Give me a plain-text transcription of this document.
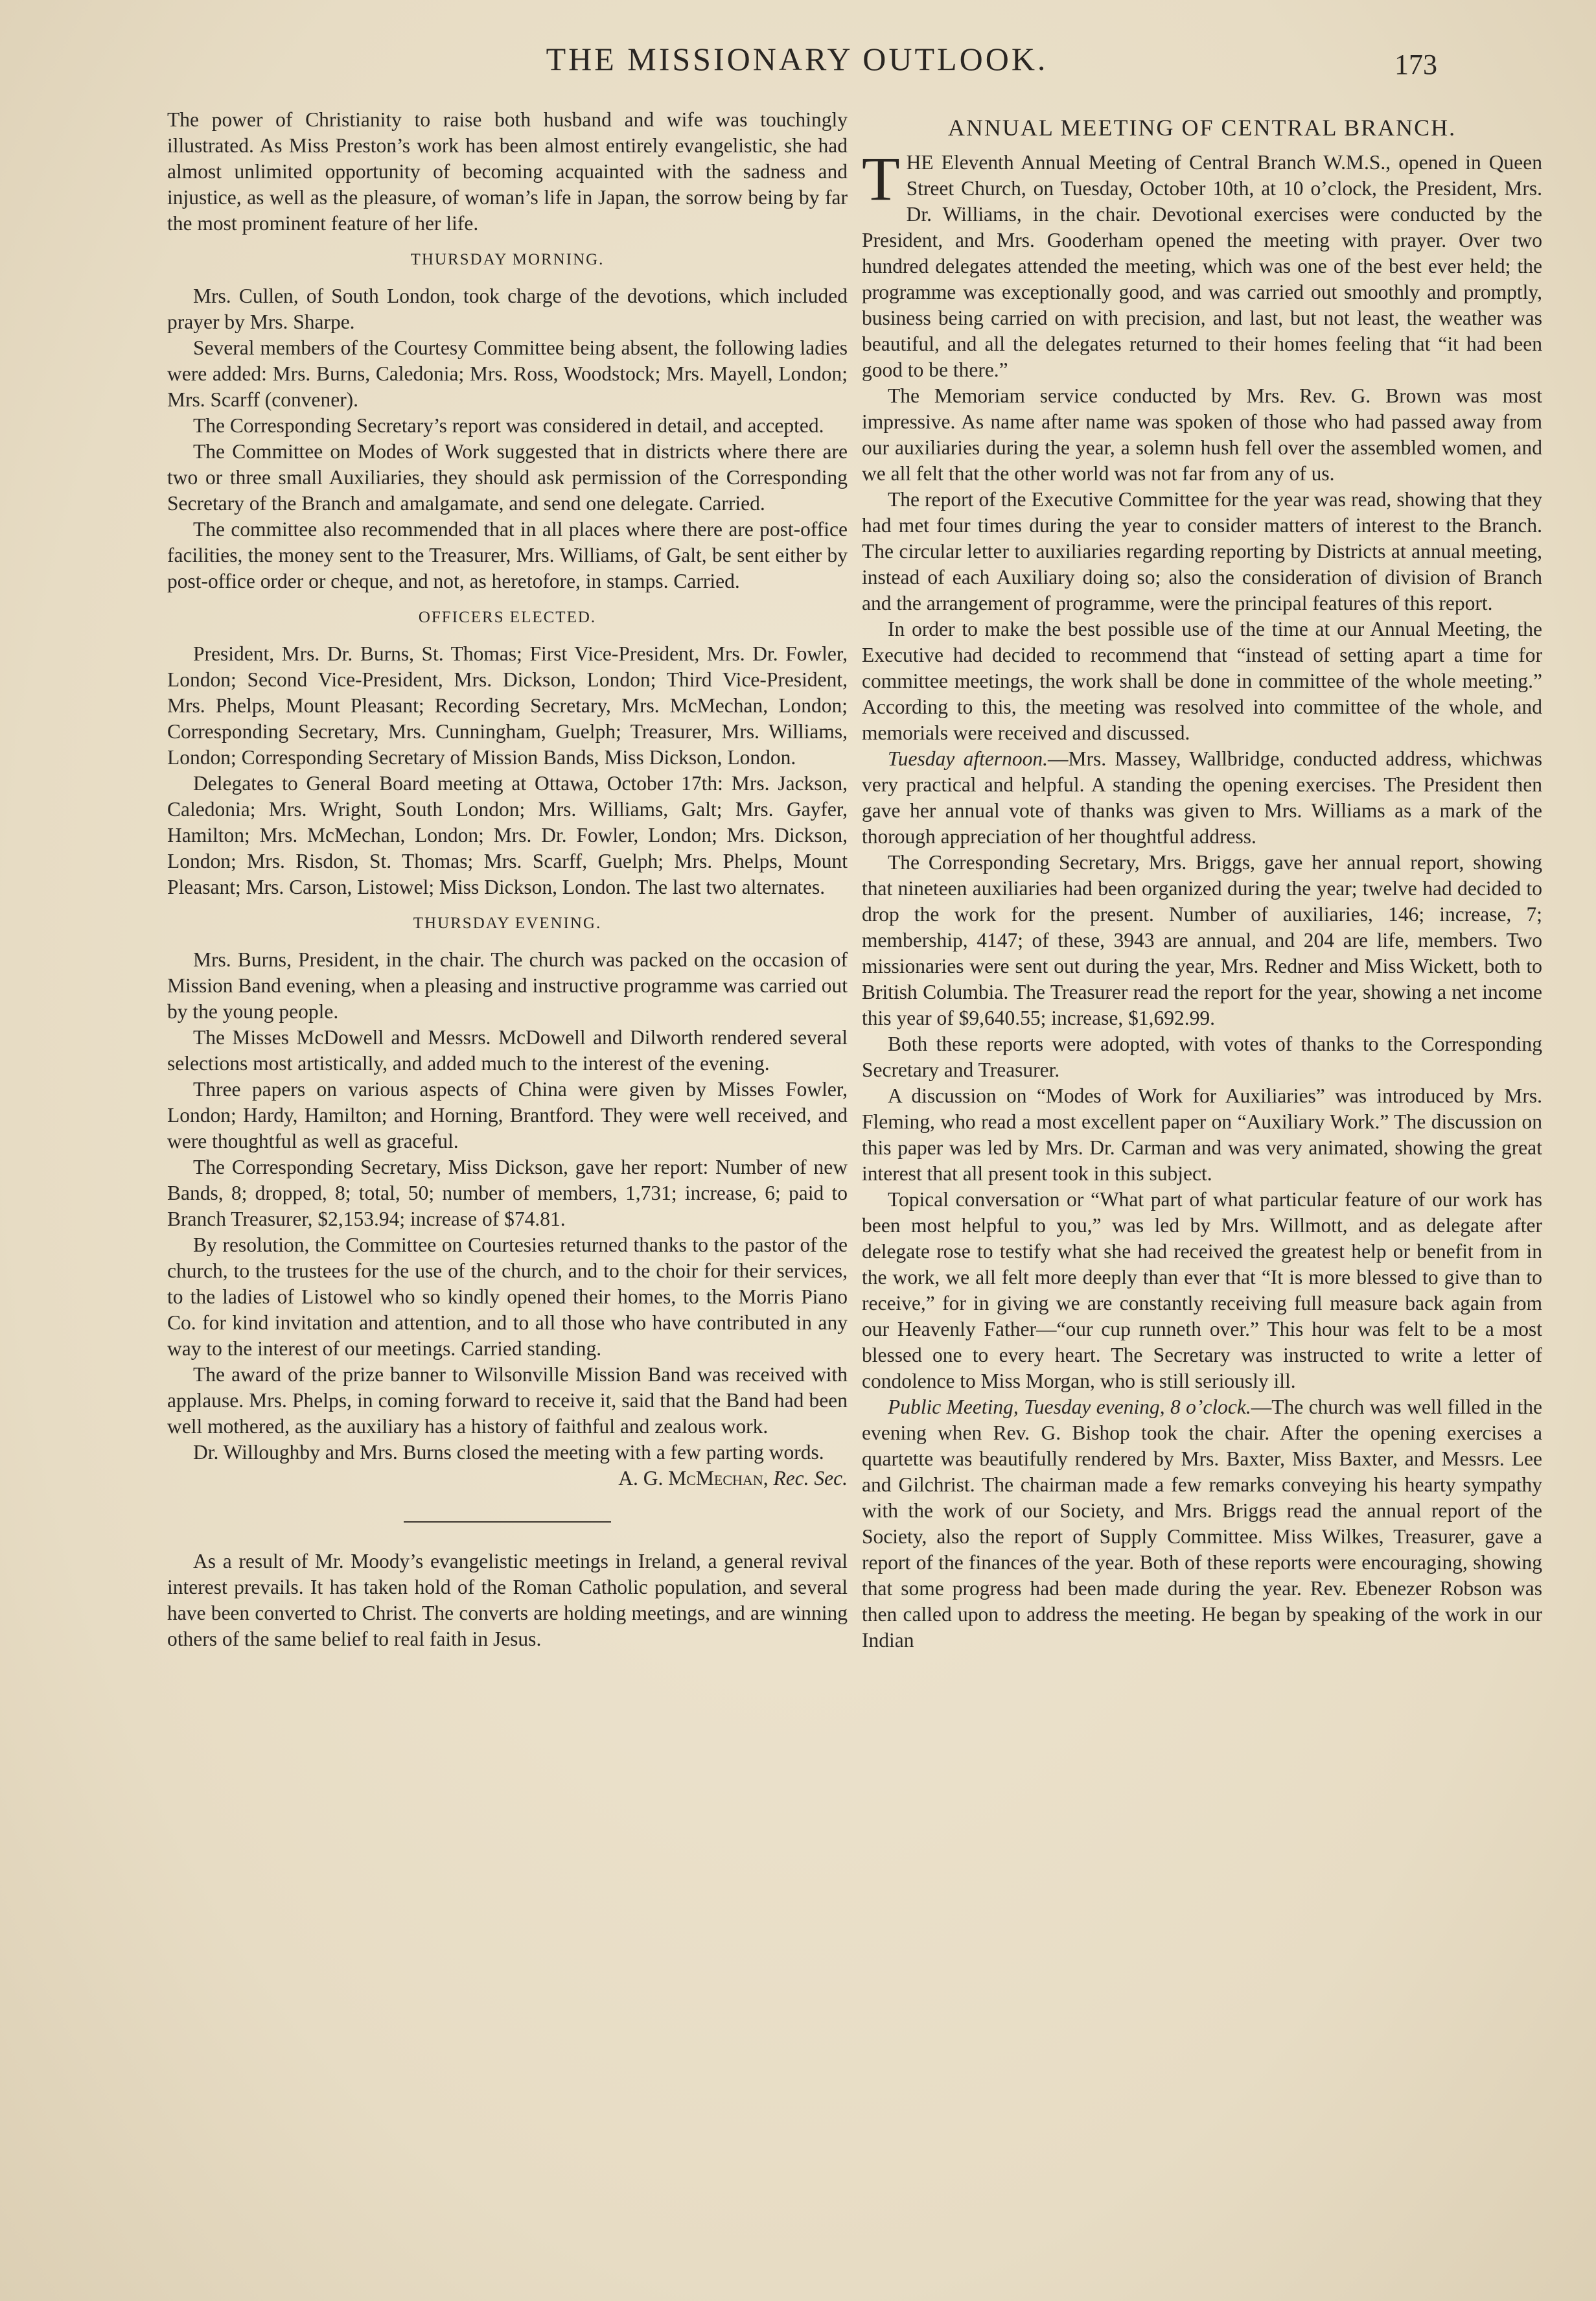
THE MISSIONARY OUTLOOK.	173

The power of Christianity to raise both husband and wife was touchingly illustrated. As Miss Preston’s work has been almost entirely evangelistic, she had almost unlimited opportunity of becoming acquainted with the sadness and injustice, as well as the pleasure, of woman’s life in Japan, the sorrow being by far the most prominent feature of her life.

THURSDAY MORNING.

Mrs. Cullen, of South London, took charge of the devotions, which included prayer by Mrs. Sharpe.

Several members of the Courtesy Committee being absent, the following ladies were added: Mrs. Burns, Caledonia; Mrs. Ross, Woodstock; Mrs. Mayell, London; Mrs. Scarff (convener).

The Corresponding Secretary’s report was considered in detail, and accepted.

The Committee on Modes of Work suggested that in districts where there are two or three small Auxiliaries, they should ask permission of the Corresponding Secretary of the Branch and amalgamate, and send one delegate. Carried.

The committee also recommended that in all places where there are post-office facilities, the money sent to the Treasurer, Mrs. Williams, of Galt, be sent either by post-office order or cheque, and not, as heretofore, in stamps. Carried.

OFFICERS ELECTED.

President, Mrs. Dr. Burns, St. Thomas; First Vice-President, Mrs. Dr. Fowler, London; Second Vice-President, Mrs. Dickson, London; Third Vice-President, Mrs. Phelps, Mount Pleasant; Recording Secretary, Mrs. McMechan, London; Corresponding Secretary, Mrs. Cunningham, Guelph; Treasurer, Mrs. Williams, London; Corresponding Secretary of Mission Bands, Miss Dickson, London.

Delegates to General Board meeting at Ottawa, October 17th: Mrs. Jackson, Caledonia; Mrs. Wright, South London; Mrs. Williams, Galt; Mrs. Gayfer, Hamilton; Mrs. McMechan, London; Mrs. Dr. Fowler, London; Mrs. Dickson, London; Mrs. Risdon, St. Thomas; Mrs. Scarff, Guelph; Mrs. Phelps, Mount Pleasant; Mrs. Carson, Listowel; Miss Dickson, London. The last two alternates.

THURSDAY EVENING.

Mrs. Burns, President, in the chair. The church was packed on the occasion of Mission Band evening, when a pleasing and instructive programme was carried out by the young people.

The Misses McDowell and Messrs. McDowell and Dilworth rendered several selections most artistically, and added much to the interest of the evening.

Three papers on various aspects of China were given by Misses Fowler, London; Hardy, Hamilton; and Horning, Brantford. They were well received, and were thoughtful as well as graceful.

The Corresponding Secretary, Miss Dickson, gave her report: Number of new Bands, 8; dropped, 8; total, 50; number of members, 1,731; increase, 6; paid to Branch Treasurer, $2,153.94; increase of $74.81.

By resolution, the Committee on Courtesies returned thanks to the pastor of the church, to the trustees for the use of the church, and to the choir for their services, to the ladies of Listowel who so kindly opened their homes, to the Morris Piano Co. for kind invitation and attention, and to all those who have contributed in any way to the interest of our meetings. Carried standing.

The award of the prize banner to Wilsonville Mission Band was received with applause. Mrs. Phelps, in coming forward to receive it, said that the Band had been well mothered, as the auxiliary has a history of faithful and zealous work.

Dr. Willoughby and Mrs. Burns closed the meeting with a few parting words.

A. G. McMechan, Rec. Sec.

As a result of Mr. Moody’s evangelistic meetings in Ireland, a general revival interest prevails. It has taken hold of the Roman Catholic population, and several have been converted to Christ. The converts are holding meetings, and are winning others of the same belief to real faith in Jesus.

ANNUAL MEETING OF CENTRAL BRANCH.

THE Eleventh Annual Meeting of Central Branch W.M.S., opened in Queen Street Church, on Tuesday, October 10th, at 10 o’clock, the President, Mrs. Dr. Williams, in the chair. Devotional exercises were conducted by the President, and Mrs. Gooderham opened the meeting with prayer. Over two hundred delegates attended the meeting, which was one of the best ever held; the programme was exceptionally good, and was carried out smoothly and promptly, business being carried on with precision, and last, but not least, the weather was beautiful, and all the delegates returned to their homes feeling that “it had been good to be there.”

The Memoriam service conducted by Mrs. Rev. G. Brown was most impressive. As name after name was spoken of those who had passed away from our auxiliaries during the year, a solemn hush fell over the assembled women, and we all felt that the other world was not far from any of us.

The report of the Executive Committee for the year was read, showing that they had met four times during the year to consider matters of interest to the Branch. The circular letter to auxiliaries regarding reporting by Districts at annual meeting, instead of each Auxiliary doing so; also the consideration of division of Branch and the arrangement of programme, were the principal features of this report.

In order to make the best possible use of the time at our Annual Meeting, the Executive had decided to recommend that “instead of setting apart a time for committee meetings, the work shall be done in committee of the whole meeting.” According to this, the meeting was resolved into committee of the whole, and memorials were received and discussed.

Tuesday afternoon.—Mrs. Massey, Wallbridge, conducted address, whichwas very practical and helpful. A standing the opening exercises. The President then gave her annual vote of thanks was given to Mrs. Williams as a mark of the thorough appreciation of her thoughtful address.

The Corresponding Secretary, Mrs. Briggs, gave her annual report, showing that nineteen auxiliaries had been organized during the year; twelve had decided to drop the work for the present. Number of auxiliaries, 146; increase, 7; membership, 4147; of these, 3943 are annual, and 204 are life, members. Two missionaries were sent out during the year, Mrs. Redner and Miss Wickett, both to British Columbia. The Treasurer read the report for the year, showing a net income this year of $9,640.55; increase, $1,692.99.

Both these reports were adopted, with votes of thanks to the Corresponding Secretary and Treasurer.

A discussion on “Modes of Work for Auxiliaries” was introduced by Mrs. Fleming, who read a most excellent paper on “Auxiliary Work.” The discussion on this paper was led by Mrs. Dr. Carman and was very animated, showing the great interest that all present took in this subject.

Topical conversation or “What part of what particular feature of our work has been most helpful to you,” was led by Mrs. Willmott, and as delegate after delegate rose to testify what she had received the greatest help or benefit from in the work, we all felt more deeply than ever that “It is more blessed to give than to receive,” for in giving we are constantly receiving full measure back again from our Heavenly Father—“our cup runneth over.” This hour was felt to be a most blessed one to every heart. The Secretary was instructed to write a letter of condolence to Miss Morgan, who is still seriously ill.

Public Meeting, Tuesday evening, 8 o’clock.—The church was well filled in the evening when Rev. G. Bishop took the chair. After the opening exercises a quartette was beautifully rendered by Mrs. Baxter, Miss Baxter, and Messrs. Lee and Gilchrist. The chairman made a few remarks conveying his hearty sympathy with the work of our Society, and Mrs. Briggs read the annual report of the Society, also the report of Supply Committee. Miss Wilkes, Treasurer, gave a report of the finances of the year. Both of these reports were encouraging, showing that some progress had been made during the year. Rev. Ebenezer Robson was then called upon to address the meeting. He began by speaking of the work in our Indian
